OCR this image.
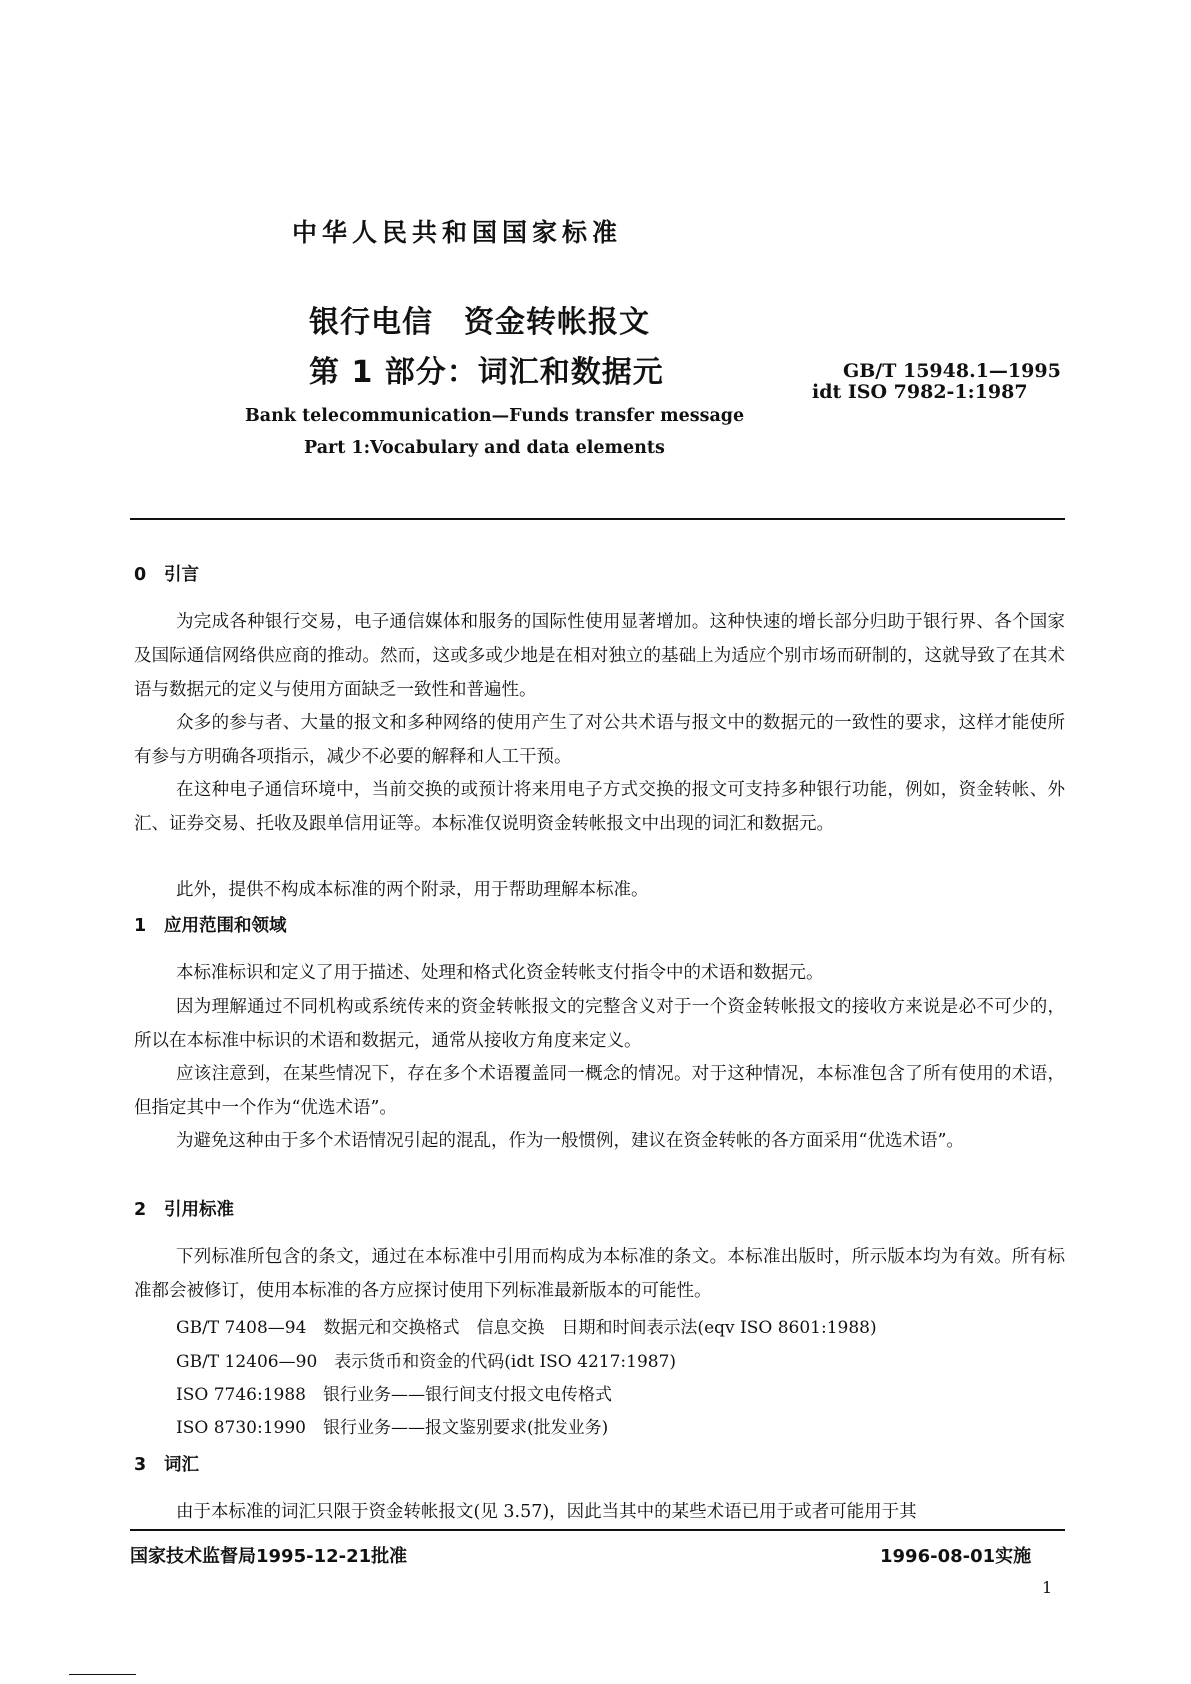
中华人民共和国国家标准
银行电信　资金转帐报文
第 1 部分：词汇和数据元	GB/T 15948.1—1995
idt ISO 7982-1:1987
Bank telecommunication—Funds transfer message
Part 1:Vocabulary and data elements
0 引言

为完成各种银行交易，电子通信媒体和服务的国际性使用显著增加。这种快速的增长部分归助于银行界、各个国家及国际通信网络供应商的推动。然而，这或多或少地是在相对独立的基础上为适应个别市场而研制的，这就导致了在其术语与数据元的定义与使用方面缺乏一致性和普遍性。

众多的参与者、大量的报文和多种网络的使用产生了对公共术语与报文中的数据元的一致性的要求，这样才能使所有参与方明确各项指示，减少不必要的解释和人工干预。

在这种电子通信环境中，当前交换的或预计将来用电子方式交换的报文可支持多种银行功能，例如，资金转帐、外汇、证券交易、托收及跟单信用证等。本标准仅说明资金转帐报文中出现的词汇和数据元。

此外，提供不构成本标准的两个附录，用于帮助理解本标准。

1 应用范围和领域

本标准标识和定义了用于描述、处理和格式化资金转帐支付指令中的术语和数据元。

因为理解通过不同机构或系统传来的资金转帐报文的完整含义对于一个资金转帐报文的接收方来说是必不可少的，所以在本标准中标识的术语和数据元，通常从接收方角度来定义。

应该注意到，在某些情况下，存在多个术语覆盖同一概念的情况。对于这种情况，本标准包含了所有使用的术语，但指定其中一个作为“优选术语”。

为避免这种由于多个术语情况引起的混乱，作为一般惯例，建议在资金转帐的各方面采用“优选术语”。

2 引用标准

下列标准所包含的条文，通过在本标准中引用而构成为本标准的条文。本标准出版时，所示版本均为有效。所有标准都会被修订，使用本标准的各方应探讨使用下列标准最新版本的可能性。

GB/T 7408—94　数据元和交换格式　信息交换　日期和时间表示法(eqv ISO 8601:1988)
GB/T 12406—90　表示货币和资金的代码(idt ISO 4217:1987)
ISO 7746:1988　银行业务——银行间支付报文电传格式
ISO 8730:1990　银行业务——报文鉴别要求(批发业务)
3 词汇

由于本标准的词汇只限于资金转帐报文(见 3.57)，因此当其中的某些术语已用于或者可能用于其

国家技术监督局1995-12-21批准	1996-08-01实施
1
